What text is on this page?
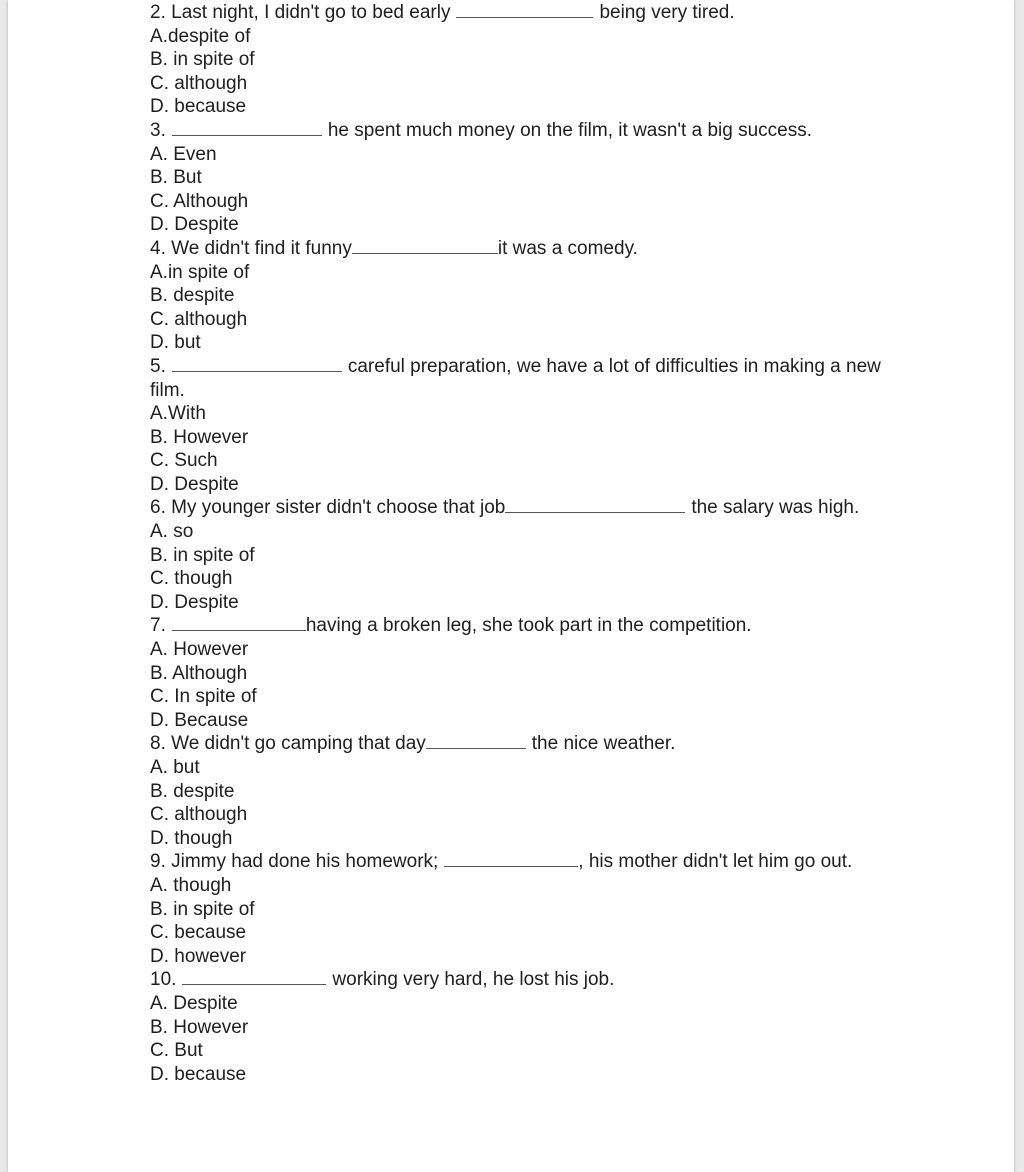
2. Last night, I didn't go to bed early	being very tired.
A.despite of
B. in spite of
C. although
D. because
3.	he spent much money on the film, it wasn't a big success.
A. Even
B. But
C. Although
D. Despite
4. We didn't find it funny	it was a comedy.
A.in spite of
B. despite
C. although
D. but
5.	careful preparation, we have a lot of difficulties in making a new
film.
A.With
B. However
C. Such
D. Despite
6. My younger sister didn't choose that job	the salary was high.
A. so
B. in spite of
C. though
D. Despite
7.	having a broken leg, she took part in the competition.
A. However
B. Although
C. In spite of
D. Because
8. We didn't go camping that day	the nice weather.
A. but
B. despite
C. although
D. though
9. Jimmy had done his homework;	, his mother didn't let him go out.
A. though
B. in spite of
C. because
D. however
10.	working very hard, he lost his job.
A. Despite
B. However
C. But
D. because
